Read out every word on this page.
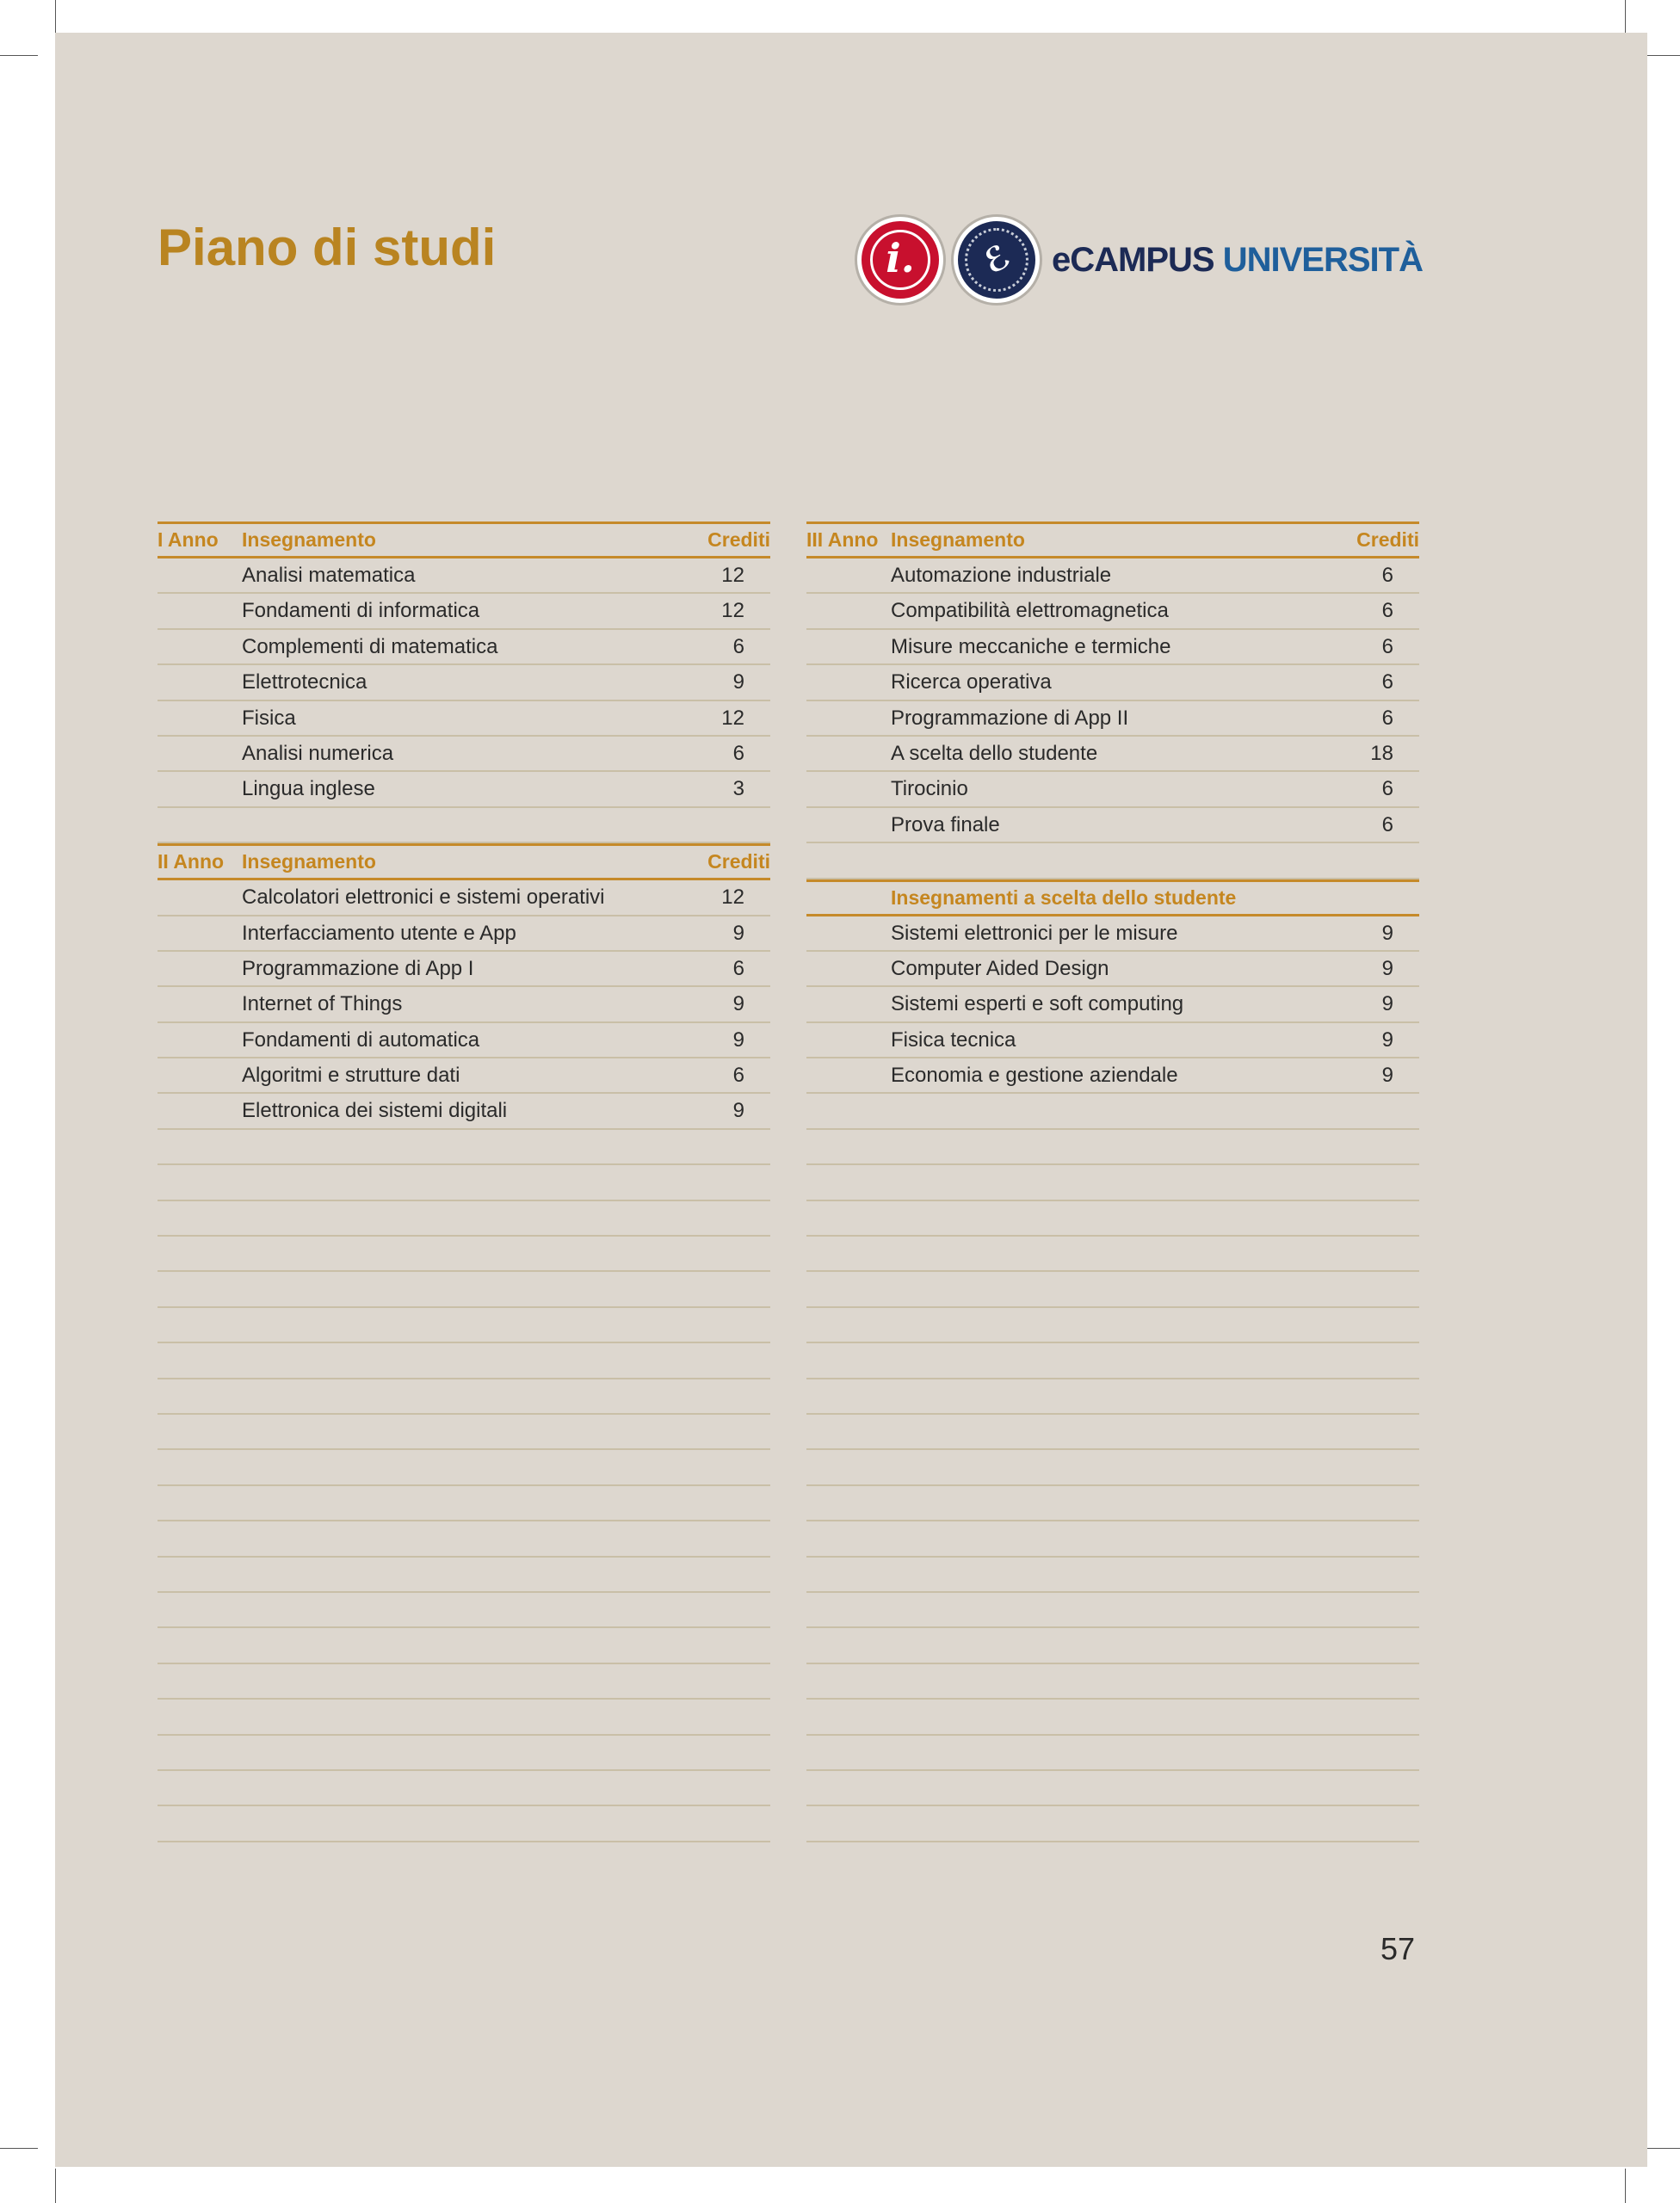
Piano di studi	i.	ℰ	eCAMPUS UNIVERSITÀ
I Anno Insegnamento	Crediti
Analisi matematica	12
Fondamenti di informatica	12
Complementi di matematica	6
Elettrotecnica	9
Fisica	12
Analisi numerica	6
Lingua inglese	3
II Anno Insegnamento	Crediti
Calcolatori elettronici e sistemi operativi	12
Interfacciamento utente e App	9
Programmazione di App I	6
Internet of Things	9
Fondamenti di automatica	9
Algoritmi e strutture dati	6
Elettronica dei sistemi digitali	9
III Anno Insegnamento	Crediti
Automazione industriale	6
Compatibilità elettromagnetica	6
Misure meccaniche e termiche	6
Ricerca operativa	6
Programmazione di App II	6
A scelta dello studente	18
Tirocinio	6
Prova finale	6
Insegnamenti a scelta dello studente
Sistemi elettronici per le misure	9
Computer Aided Design	9
Sistemi esperti e soft computing	9
Fisica tecnica	9
Economia e gestione aziendale	9
57
